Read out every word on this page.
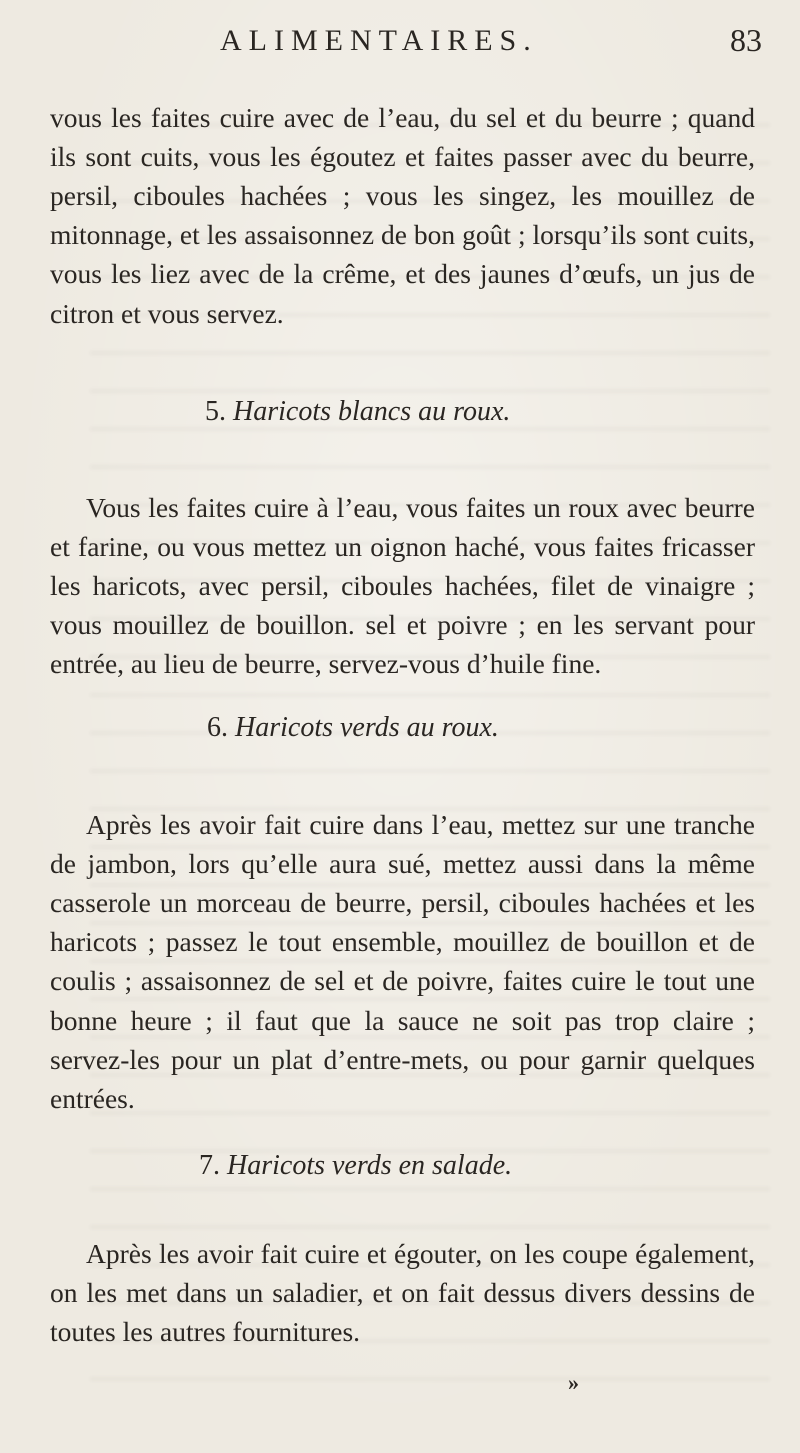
ALIMENTAIRES.	83

vous les faites cuire avec de l’eau, du sel et du beurre ; quand ils sont cuits, vous les égoutez et faites passer avec du beurre, persil, ciboules hachées ; vous les singez, les mouillez de mitonnage, et les assaisonnez de bon goût ; lorsqu’ils sont cuits, vous les liez avec de la crême, et des jaunes d’œufs, un jus de citron et vous servez.

5. Haricots blancs au roux.

Vous les faites cuire à l’eau, vous faites un roux avec beurre et farine, ou vous mettez un oignon haché, vous faites fricasser les haricots, avec persil, ciboules hachées, filet de vinaigre ; vous mouillez de bouillon. sel et poivre ; en les servant pour entrée, au lieu de beurre, servez-vous d’huile fine.

6. Haricots verds au roux.

Après les avoir fait cuire dans l’eau, mettez sur une tranche de jambon, lors qu’elle aura sué, mettez aussi dans la même casserole un morceau de beurre, persil, ciboules hachées et les haricots ; passez le tout ensemble, mouillez de bouillon et de coulis ; assaisonnez de sel et de poivre, faites cuire le tout une bonne heure ; il faut que la sauce ne soit pas trop claire ; servez-les pour un plat d’entre-mets, ou pour garnir quelques entrées.

7. Haricots verds en salade.

Après les avoir fait cuire et égouter, on les coupe également, on les met dans un saladier, et on fait dessus divers dessins de toutes les autres fournitures.

»
